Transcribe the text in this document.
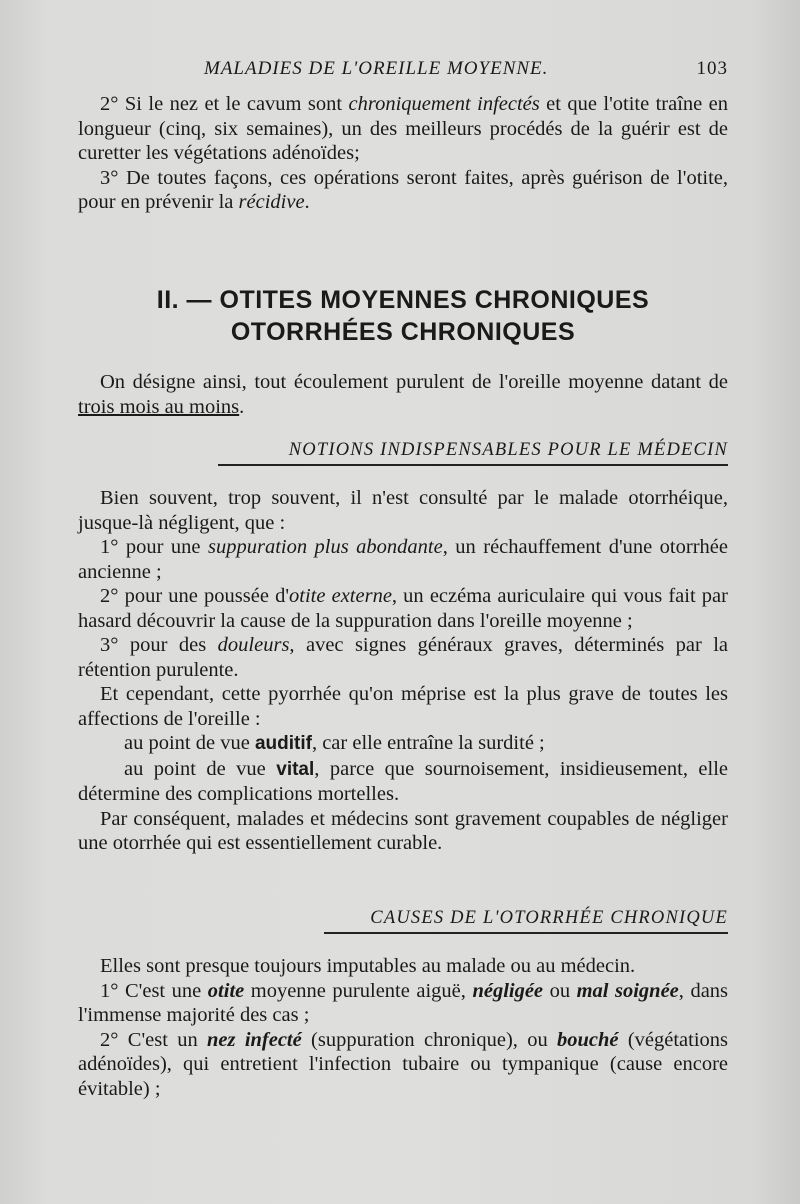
MALADIES DE L'OREILLE MOYENNE.	103

2° Si le nez et le cavum sont chroniquement infectés et que l'otite traîne en longueur (cinq, six semaines), un des meilleurs procédés de la guérir est de curetter les végétations adénoïdes;

3° De toutes façons, ces opérations seront faites, après guérison de l'otite, pour en prévenir la récidive.

II. — OTITES MOYENNES CHRONIQUES
OTORRHÉES CHRONIQUES

On désigne ainsi, tout écoulement purulent de l'oreille moyenne datant de trois mois au moins.

NOTIONS INDISPENSABLES POUR LE MÉDECIN

Bien souvent, trop souvent, il n'est consulté par le malade otorrhéique, jusque-là négligent, que :

1° pour une suppuration plus abondante, un réchauffement d'une otorrhée ancienne ;

2° pour une poussée d'otite externe, un eczéma auriculaire qui vous fait par hasard découvrir la cause de la suppuration dans l'oreille moyenne ;

3° pour des douleurs, avec signes généraux graves, déterminés par la rétention purulente.

Et cependant, cette pyorrhée qu'on méprise est la plus grave de toutes les affections de l'oreille :

au point de vue auditif, car elle entraîne la surdité ;

au point de vue vital, parce que sournoisement, insidieusement, elle détermine des complications mortelles.

Par conséquent, malades et médecins sont gravement coupables de négliger une otorrhée qui est essentiellement curable.

CAUSES DE L'OTORRHÉE CHRONIQUE

Elles sont presque toujours imputables au malade ou au médecin.

1° C'est une otite moyenne purulente aiguë, négligée ou mal soignée, dans l'immense majorité des cas ;

2° C'est un nez infecté (suppuration chronique), ou bouché (végétations adénoïdes), qui entretient l'infection tubaire ou tympanique (cause encore évitable) ;
